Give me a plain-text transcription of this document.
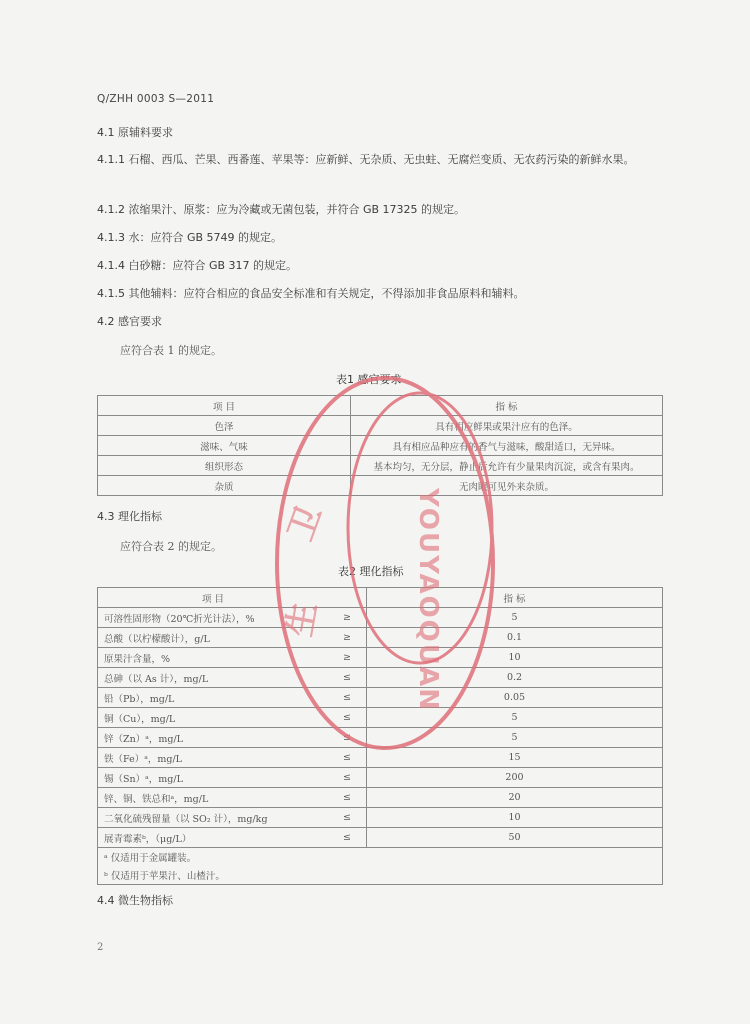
Q/ZHH 0003 S—2011
4.1 原辅料要求
4.1.1 石榴、西瓜、芒果、西番莲、苹果等：应新鲜、无杂质、无虫蛀、无腐烂变质、无农药污染的新鲜水果。
4.1.2 浓缩果汁、原浆：应为冷藏或无菌包装，并符合 GB 17325 的规定。
4.1.3 水：应符合 GB 5749 的规定。
4.1.4 白砂糖：应符合 GB 317 的规定。
4.1.5 其他辅料：应符合相应的食品安全标准和有关规定，不得添加非食品原料和辅料。
4.2 感官要求
应符合表 1 的规定。
表1 感官要求
项 目	指 标
色泽	具有相应鲜果或果汁应有的色泽。
滋味、气味	具有相应品种应有的香气与滋味，酸甜适口，无异味。
组织形态	基本均匀，无分层，静止后允许有少量果肉沉淀，或含有果肉。
杂质	无肉眼可见外来杂质。
4.3 理化指标
应符合表 2 的规定。
表2 理化指标
项 目		指 标
可溶性固形物（20℃折光计法），%	≥	5
总酸（以柠檬酸计），g/L	≥	0.1
原果汁含量，%	≥	10
总砷（以 As 计），mg/L	≤	0.2
铅（Pb），mg/L	≤	0.05
铜（Cu），mg/L	≤	5
锌（Zn）ᵃ，mg/L	≤	5
铁（Fe）ᵃ，mg/L	≤	15
锡（Sn）ᵃ，mg/L	≤	200
锌、铜、铁总和ᵃ，mg/L	≤	20
二氧化硫残留量（以 SO₂ 计），mg/kg	≤	10
展青霉素ᵇ，（μg/L）	≤	50
ᵃ 仅适用于金属罐装。		
ᵇ 仅适用于苹果汁、山楂汁。		
4.4 微生物指标
2
卫
生	YOUYAOQUAN
